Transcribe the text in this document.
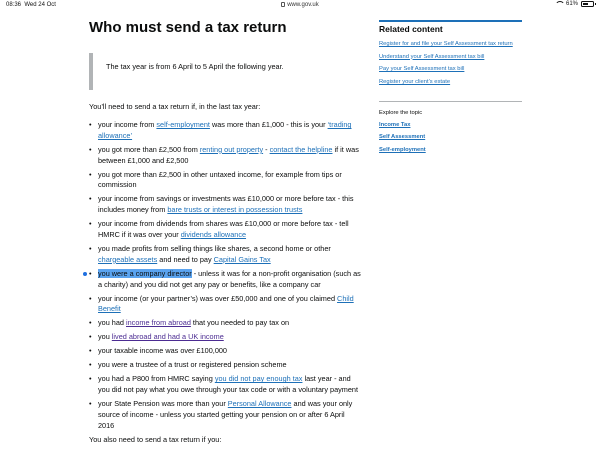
08:36 Wed 24 Oct	www.gov.uk	61%
Who must send a tax return
The tax year is from 6 April to 5 April the following year.

You’ll need to send a tax return if, in the last tax year:

• your income from self-employment was more than £1,000 - this is your ‘trading allowance’
• you got more than £2,500 from renting out property - contact the helpline if it was between £1,000 and £2,500
• you got more than £2,500 in other untaxed income, for example from tips or commission
• your income from savings or investments was £10,000 or more before tax - this includes money from bare trusts or interest in possession trusts
• your income from dividends from shares was £10,000 or more before tax - tell HMRC if it was over your dividends allowance
• you made profits from selling things like shares, a second home or other chargeable assets and need to pay Capital Gains Tax
• you were a company director - unless it was for a non-profit organisation (such as a charity) and you did not get any pay or benefits, like a company car
• your income (or your partner’s) was over £50,000 and one of you claimed Child Benefit
• you had income from abroad that you needed to pay tax on
• you lived abroad and had a UK income
• your taxable income was over £100,000
• you were a trustee of a trust or registered pension scheme
• you had a P800 from HMRC saying you did not pay enough tax last year - and you did not pay what you owe through your tax code or with a voluntary payment
• your State Pension was more than your Personal Allowance and was your only source of income - unless you started getting your pension on or after 6 April 2016

You also need to send a tax return if you:

Related content
Register for and file your Self Assessment tax return
Understand your Self Assessment tax bill
Pay your Self Assessment tax bill
Register your client’s estate
Explore the topic
Income Tax
Self Assessment
Self-employment
